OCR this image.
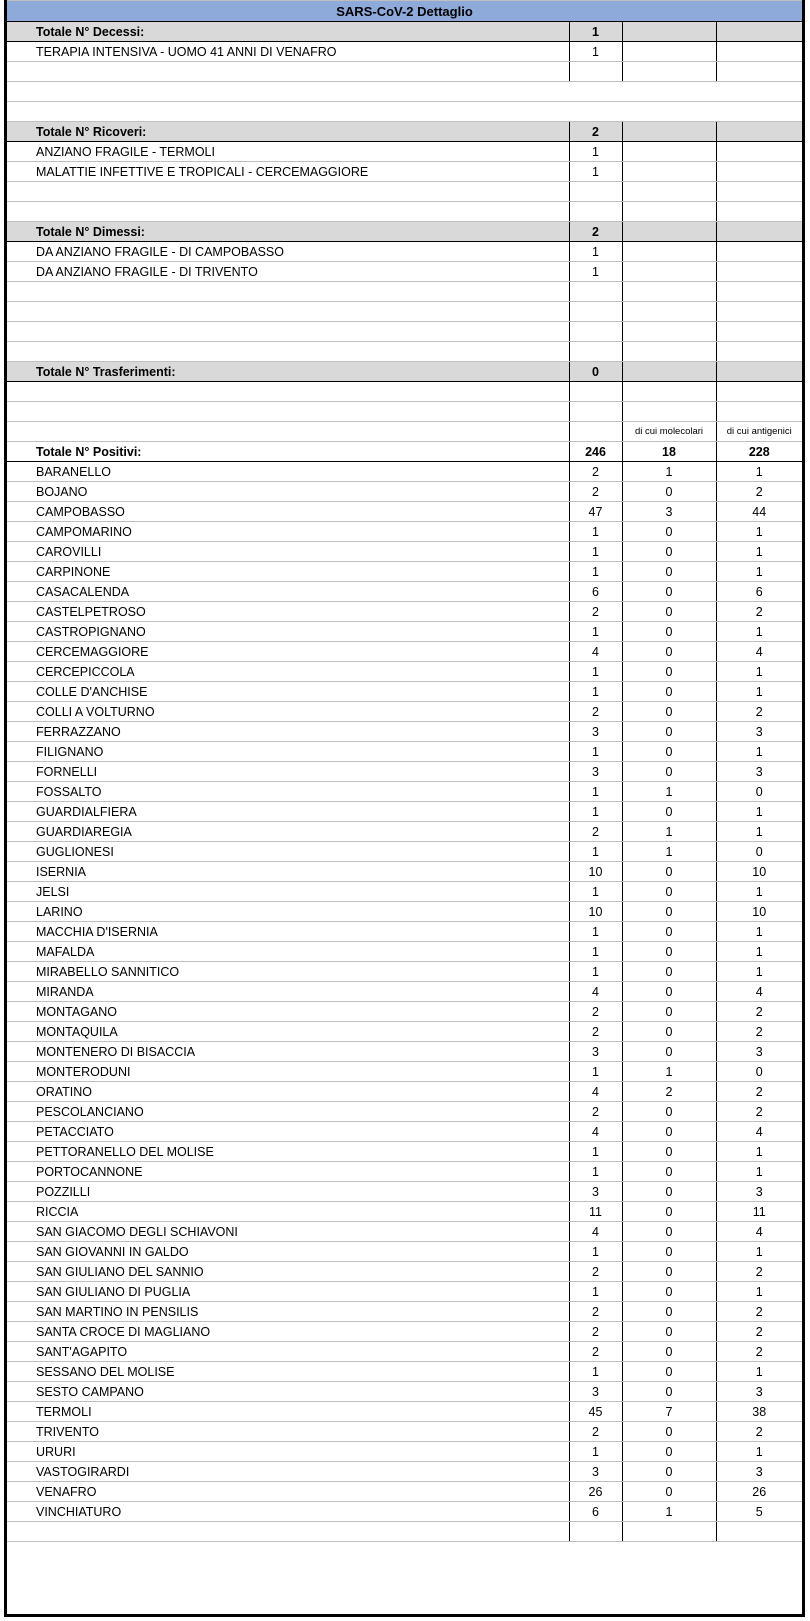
SARS-CoV-2 Dettaglio			
Totale N° Decessi:	1		
TERAPIA INTENSIVA - UOMO 41 ANNI DI VENAFRO	1		

Totale N° Ricoveri:	2		
ANZIANO FRAGILE - TERMOLI	1		
MALATTIE INFETTIVE E TROPICALI - CERCEMAGGIORE	1		

Totale N° Dimessi:	2		
DA ANZIANO FRAGILE - DI CAMPOBASSO	1		
DA ANZIANO FRAGILE - DI TRIVENTO	1		

Totale N° Trasferimenti:	0		

		di cui molecolari	di cui antigenici
Totale N° Positivi:	246	18	228
BARANELLO	2	1	1
BOJANO	2	0	2
CAMPOBASSO	47	3	44
CAMPOMARINO	1	0	1
CAROVILLI	1	0	1
CARPINONE	1	0	1
CASACALENDA	6	0	6
CASTELPETROSO	2	0	2
CASTROPIGNANO	1	0	1
CERCEMAGGIORE	4	0	4
CERCEPICCOLA	1	0	1
COLLE D'ANCHISE	1	0	1
COLLI A VOLTURNO	2	0	2
FERRAZZANO	3	0	3
FILIGNANO	1	0	1
FORNELLI	3	0	3
FOSSALTO	1	1	0
GUARDIALFIERA	1	0	1
GUARDIAREGIA	2	1	1
GUGLIONESI	1	1	0
ISERNIA	10	0	10
JELSI	1	0	1
LARINO	10	0	10
MACCHIA D'ISERNIA	1	0	1
MAFALDA	1	0	1
MIRABELLO SANNITICO	1	0	1
MIRANDA	4	0	4
MONTAGANO	2	0	2
MONTAQUILA	2	0	2
MONTENERO DI BISACCIA	3	0	3
MONTERODUNI	1	1	0
ORATINO	4	2	2
PESCOLANCIANO	2	0	2
PETACCIATO	4	0	4
PETTORANELLO DEL MOLISE	1	0	1
PORTOCANNONE	1	0	1
POZZILLI	3	0	3
RICCIA	11	0	11
SAN GIACOMO DEGLI SCHIAVONI	4	0	4
SAN GIOVANNI IN GALDO	1	0	1
SAN GIULIANO DEL SANNIO	2	0	2
SAN GIULIANO DI PUGLIA	1	0	1
SAN MARTINO IN PENSILIS	2	0	2
SANTA CROCE DI MAGLIANO	2	0	2
SANT'AGAPITO	2	0	2
SESSANO DEL MOLISE	1	0	1
SESTO CAMPANO	3	0	3
TERMOLI	45	7	38
TRIVENTO	2	0	2
URURI	1	0	1
VASTOGIRARDI	3	0	3
VENAFRO	26	0	26
VINCHIATURO	6	1	5
